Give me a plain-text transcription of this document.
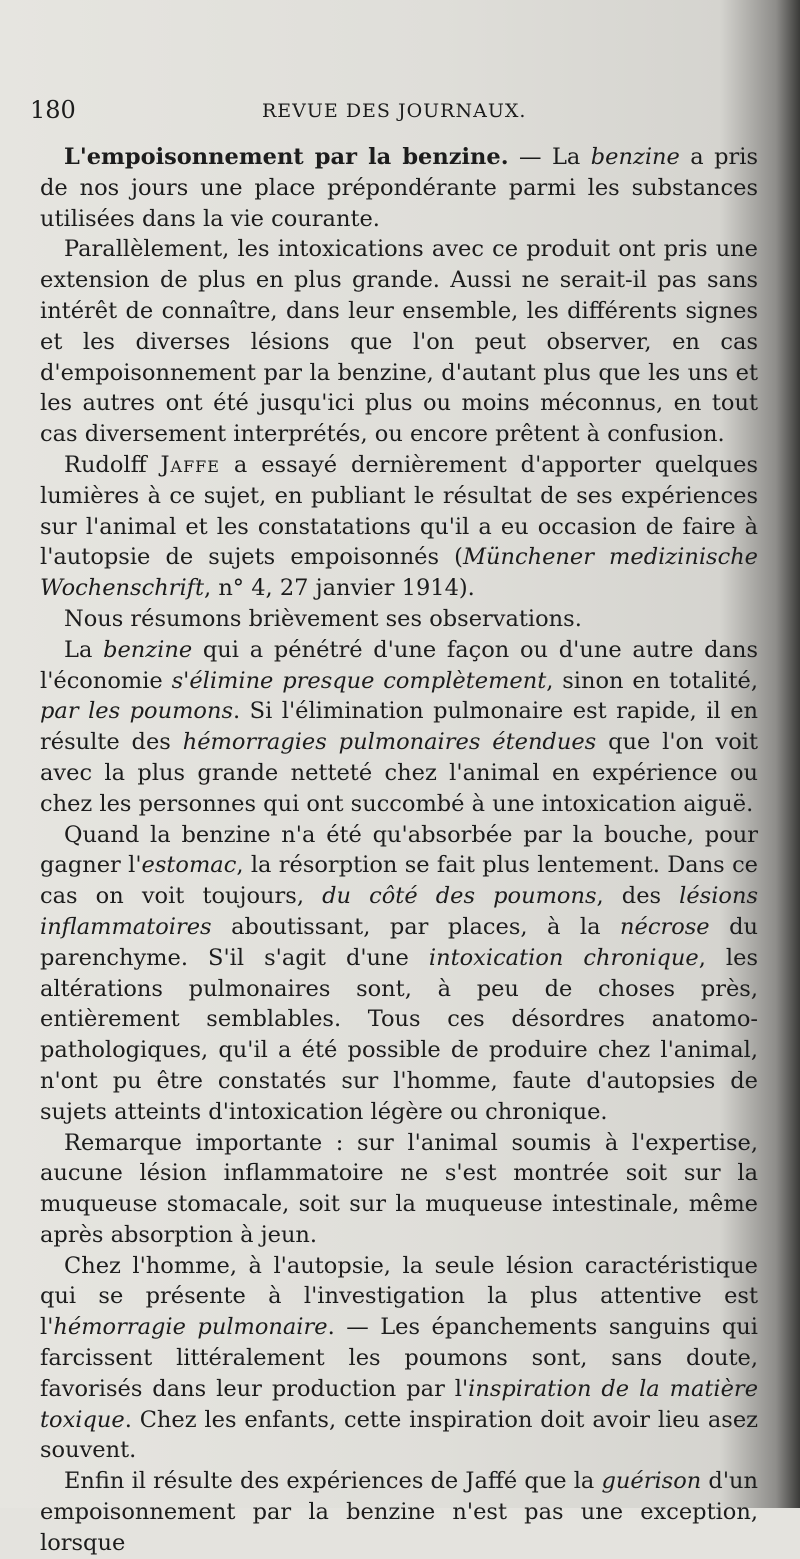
180	REVUE DES JOURNAUX.

L'empoisonnement par la benzine. — La benzine a pris de nos jours une place prépondérante parmi les substances utilisées dans la vie courante.

Parallèlement, les intoxications avec ce produit ont pris une extension de plus en plus grande. Aussi ne serait-il pas sans intérêt de connaître, dans leur ensemble, les différents signes et les diverses lésions que l'on peut observer, en cas d'empoisonnement par la benzine, d'autant plus que les uns et les autres ont été jusqu'ici plus ou moins méconnus, en tout cas diversement interprétés, ou encore prêtent à confusion.

Rudolff Jaffe a essayé dernièrement d'apporter quelques lumières à ce sujet, en publiant le résultat de ses expériences sur l'animal et les constatations qu'il a eu occasion de faire à l'autopsie de sujets empoisonnés (Münchener medizinische Wochenschrift, n° 4, 27 janvier 1914).

Nous résumons brièvement ses observations.

La benzine qui a pénétré d'une façon ou d'une autre dans l'économie s'élimine presque complètement, sinon en totalité, par les poumons. Si l'élimination pulmonaire est rapide, il en résulte des hémorragies pulmonaires étendues que l'on voit avec la plus grande netteté chez l'animal en expérience ou chez les personnes qui ont succombé à une intoxication aiguë.

Quand la benzine n'a été qu'absorbée par la bouche, pour gagner l'estomac, la résorption se fait plus lentement. Dans ce cas on voit toujours, du côté des poumons, des lésions inflammatoires aboutissant, par places, à la nécrose du parenchyme. S'il s'agit d'une intoxication chronique, les altérations pulmonaires sont, à peu de choses près, entièrement semblables. Tous ces désordres anatomo-pathologiques, qu'il a été possible de produire chez l'animal, n'ont pu être constatés sur l'homme, faute d'autopsies de sujets atteints d'intoxication légère ou chronique.

Remarque importante : sur l'animal soumis à l'expertise, aucune lésion inflammatoire ne s'est montrée soit sur la muqueuse stomacale, soit sur la muqueuse intestinale, même après absorption à jeun.

Chez l'homme, à l'autopsie, la seule lésion caractéristique qui se présente à l'investigation la plus attentive est l'hémorragie pulmonaire. — Les épanchements sanguins qui farcissent littéralement les poumons sont, sans doute, favorisés dans leur production par l'inspiration de la matière toxique. Chez les enfants, cette inspiration doit avoir lieu asez souvent.

Enfin il résulte des expériences de Jaffé que la guérison d'un empoisonnement par la benzine n'est pas une exception, lorsque
